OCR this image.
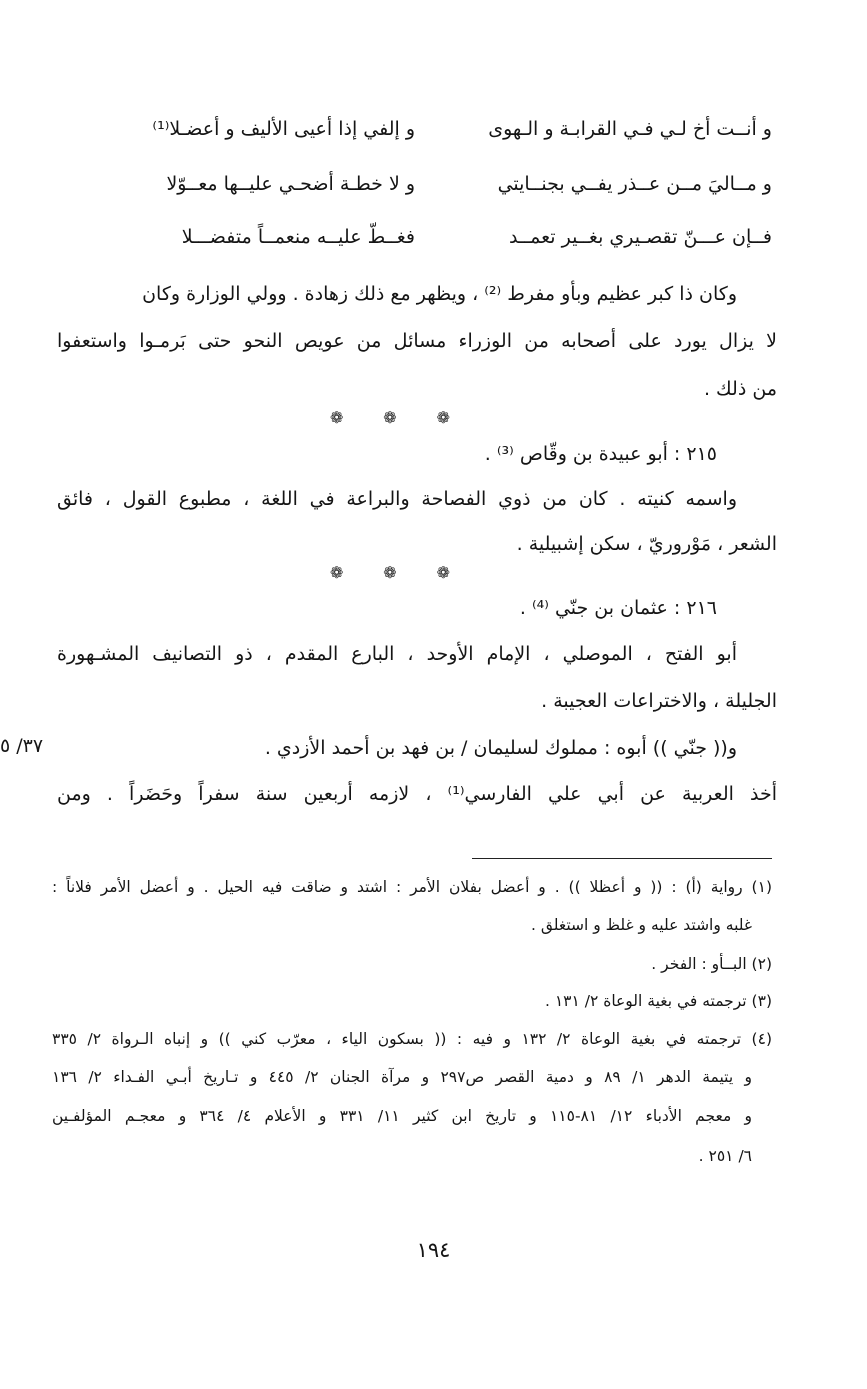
و أنــت أخ لـي فـي القرابـة و الـهوى
و إلفي إذا أعيى الأليف و أعضـلا⁽¹⁾
و مــاليَ مــن عــذر يفــي بجنــايتي
و لا خطـة أضحـي عليــها معــوّلا
فــإن عـــنّ تقصـيري بغــير تعمــد
فغــطّ عليــه منعمــاً متفضـــلا
وكان ذا كبر عظيم وبأو مفرط ⁽²⁾ ، ويظهر مع ذلك زهادة . وولي الوزارة وكان
لا يزال يورد على أصحابه من الوزراء مسائل من عويص النحو حتى بَرمـوا واستعفوا
من ذلك .
❁ ❁ ❁
٢١٥ : أبو عبيدة بن وقّاص ⁽³⁾ .
واسمه كنيته . كان من ذوي الفصاحة والبراعة في اللغة ، مطبوع القول ، فائق
الشعر ، مَوْروريّ ، سكن إشبيلية .
❁ ❁ ❁
٢١٦ : عثمان بن جنّي ⁽⁴⁾ .
أبو الفتح ، الموصلي ، الإمام الأوحد ، البارع المقدم ، ذو التصانيف المشـهورة
الجليلة ، والاختراعات العجيبة .
و(( جنّي )) أبوه : مملوك لسليمان / بن فهد بن أحمد الأزدي .
٣٧/ ٥
أخذ العربية عن أبي علي الفارسي⁽¹⁾ ، لازمه أربعين سنة سفراً وحَضَراً . ومن
(١) رواية (أ) : (( و أعظلا )) . و أعضل بفلان الأمر : اشتد و ضاقت فيه الحيل . و أعضل الأمر فلاناً :
غلبه واشتد عليه و غلظ و استغلق .
(٢) البــأو : الفخر .
(٣) ترجمته في بغية الوعاة ٢/ ١٣١ .
(٤) ترجمته في بغية الوعاة ٢/ ١٣٢ و فيه : (( بسكون الياء ، معرّب كني )) و إنباه الـرواة ٢/ ٣٣٥
و يتيمة الدهر ١/ ٨٩ و دمية القصر ص٢٩٧ و مرآة الجنان ٢/ ٤٤٥ و تـاريخ أبـي الفـداء ٢/ ١٣٦
و معجم الأدباء ١٢/ ٨١-١١٥ و تاريخ ابن كثير ١١/ ٣٣١ و الأعلام ٤/ ٣٦٤ و معجـم المؤلفـين
٦/ ٢٥١ .
١٩٤
